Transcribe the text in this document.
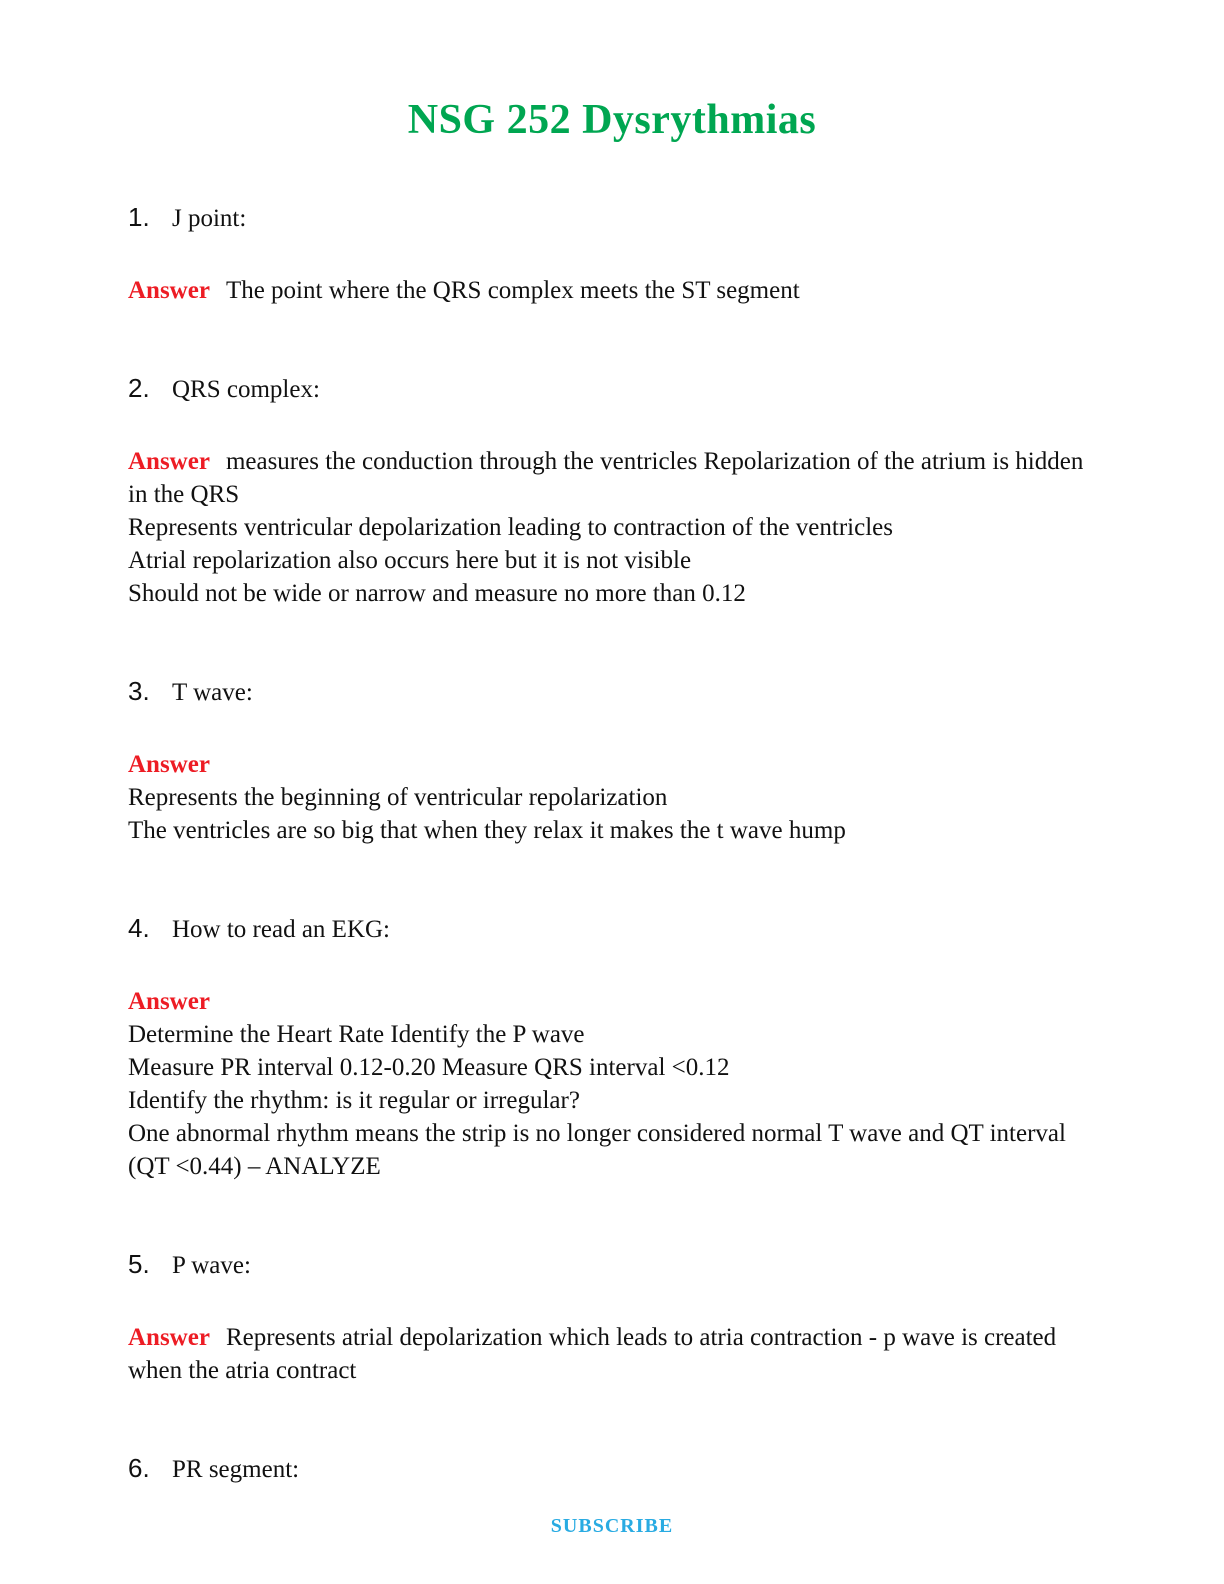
NSG 252 Dysrythmias
1. J point:

Answer The point where the QRS complex meets the ST segment

2. QRS complex:

Answer measures the conduction through the ventricles Repolarization of the atrium is hidden in the QRS

Represents ventricular depolarization leading to contraction of the ventricles

Atrial repolarization also occurs here but it is not visible

Should not be wide or narrow and measure no more than 0.12

3. T wave:

Answer

Represents the beginning of ventricular repolarization

The ventricles are so big that when they relax it makes the t wave hump

4. How to read an EKG:

Answer

Determine the Heart Rate Identify the P wave

Measure PR interval 0.12-0.20 Measure QRS interval <0.12

Identify the rhythm: is it regular or irregular?

One abnormal rhythm means the strip is no longer considered normal T wave and QT interval (QT <0.44) – ANALYZE

5. P wave:

Answer Represents atrial depolarization which leads to atria contraction - p wave is created when the atria contract

6. PR segment:
SUBSCRIBE
